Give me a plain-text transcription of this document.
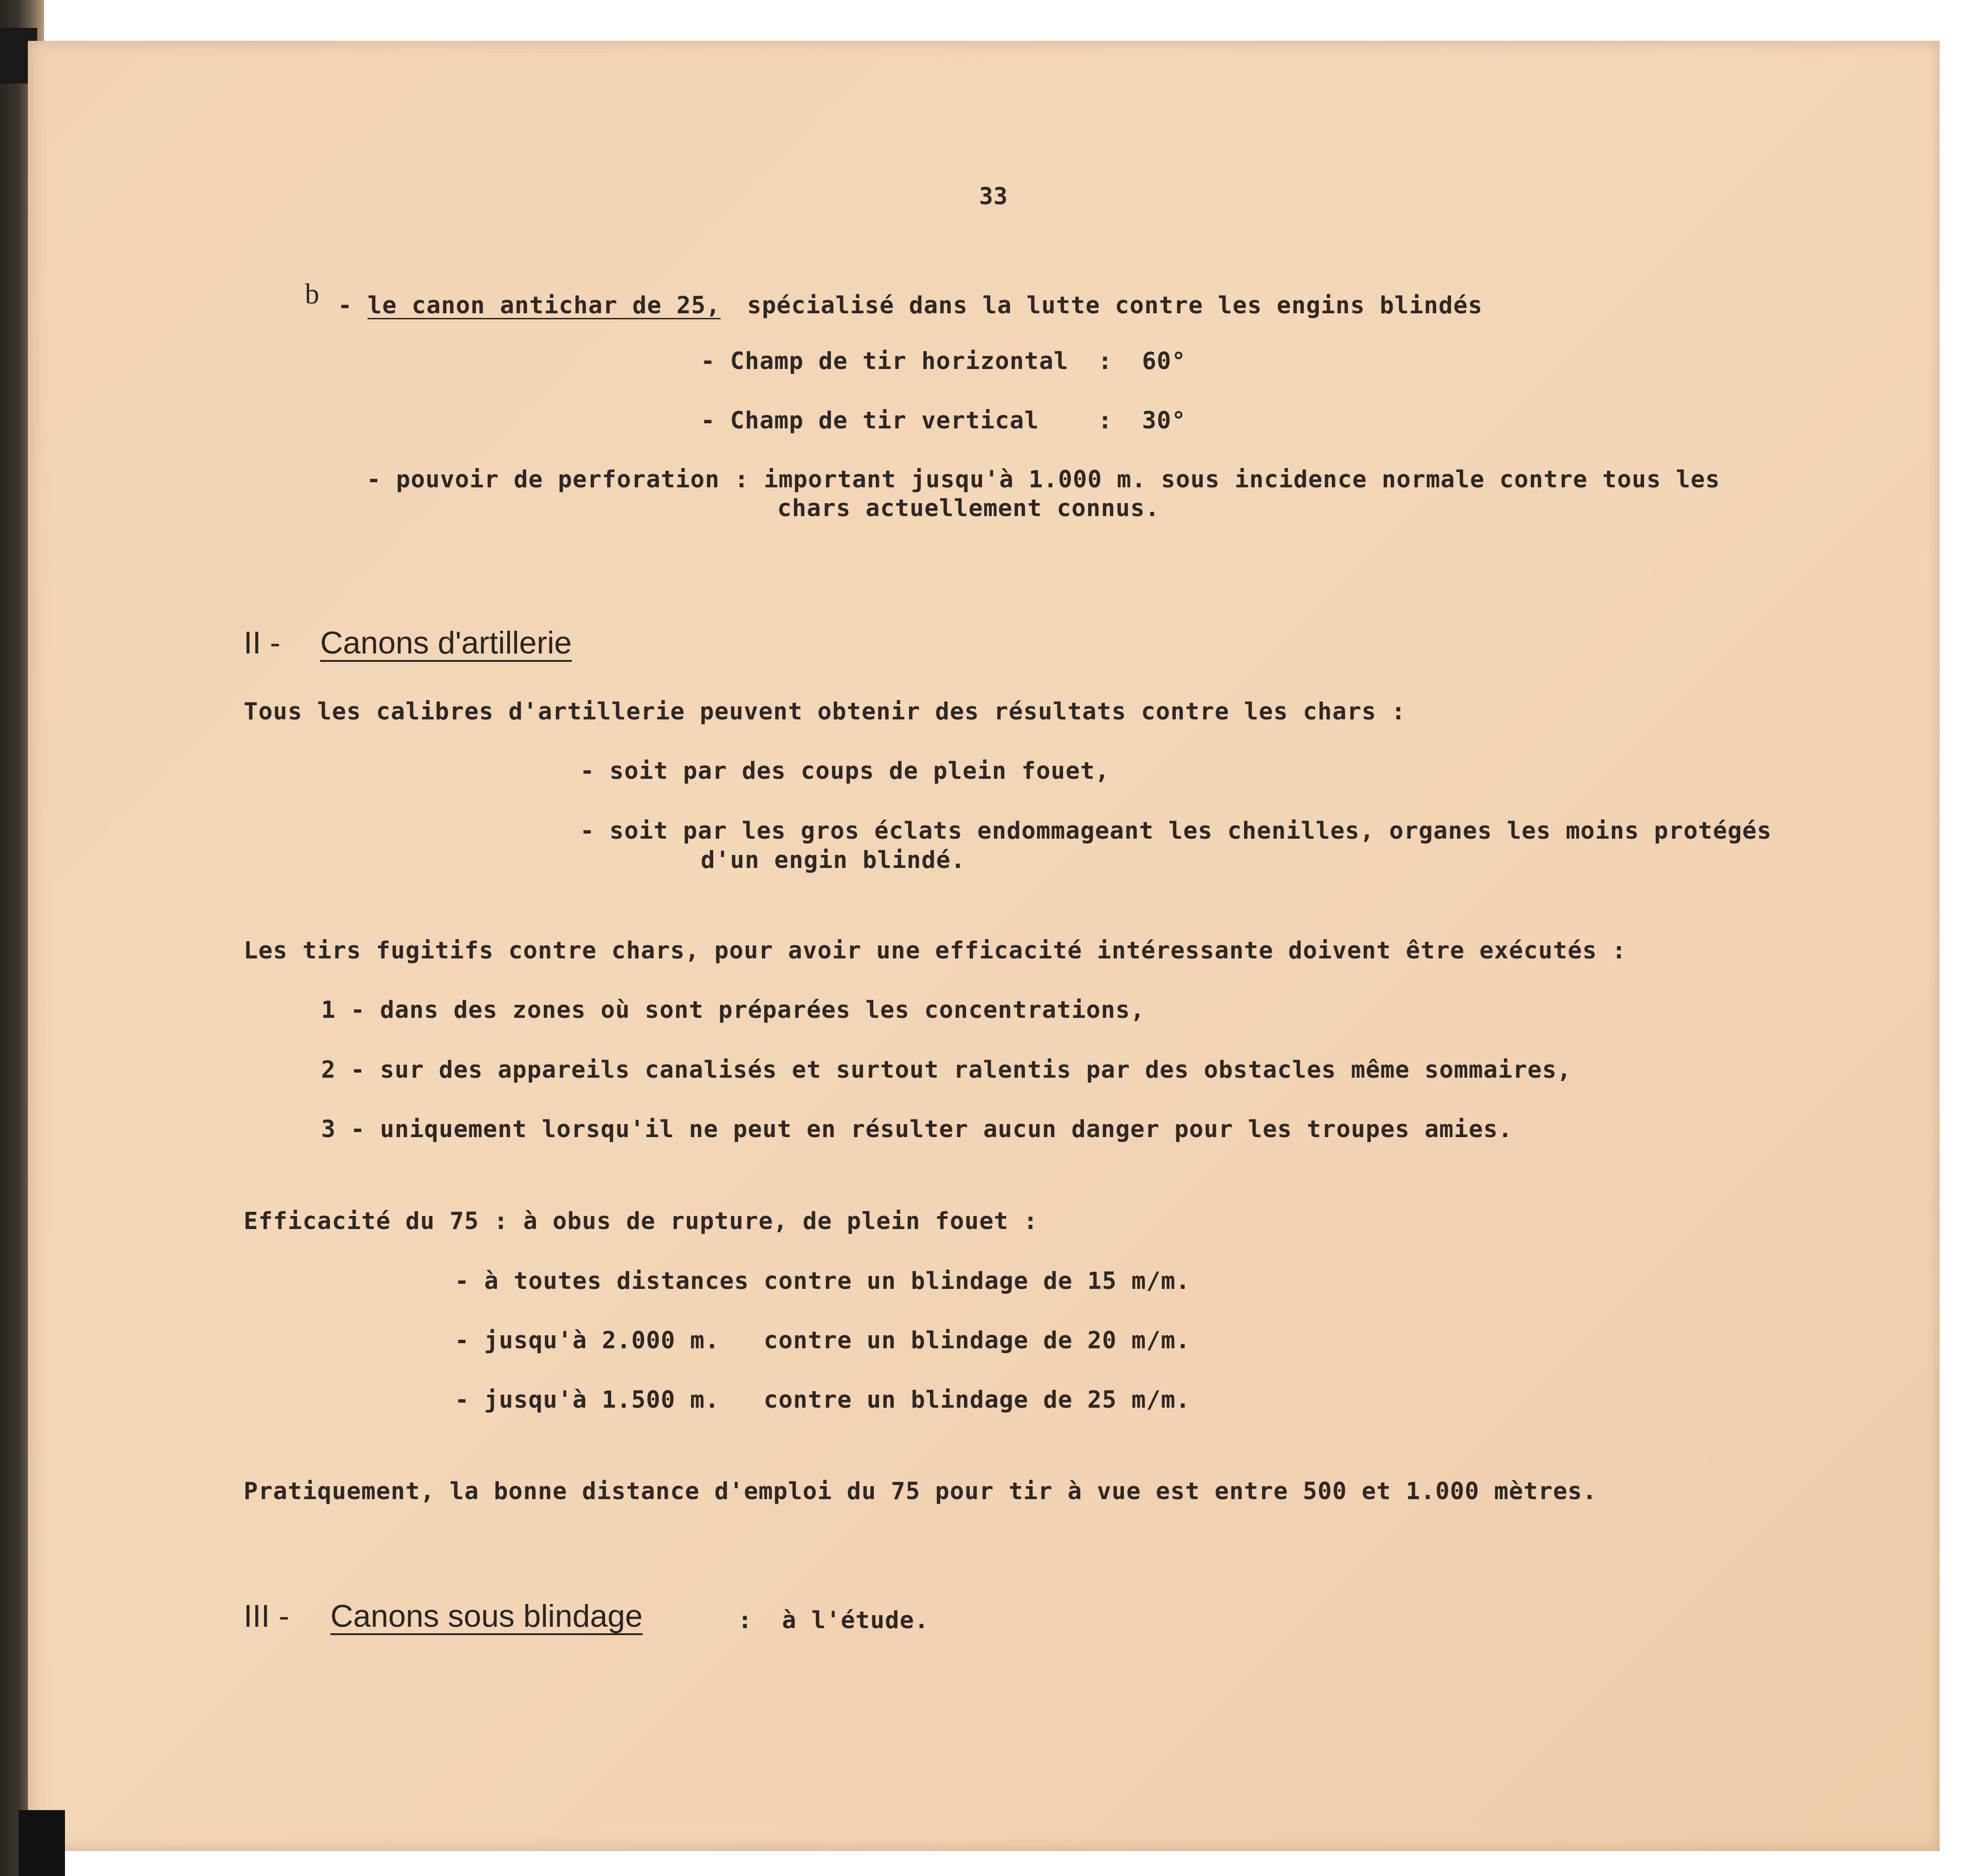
33

b - le canon antichar de 25, spécialisé dans la lutte contre les engins blindés

- Champ de tir horizontal  :  60°

- Champ de tir vertical    :  30°

- pouvoir de perforation : important jusqu'à 1.000 m. sous incidence normale contre tous les

chars actuellement connus.

II - Canons d'artillerie

Tous les calibres d'artillerie peuvent obtenir des résultats contre les chars :

- soit par des coups de plein fouet,

- soit par les gros éclats endommageant les chenilles, organes les moins protégés

d'un engin blindé.

Les tirs fugitifs contre chars, pour avoir une efficacité intéressante doivent être exécutés :

1 - dans des zones où sont préparées les concentrations,

2 - sur des appareils canalisés et surtout ralentis par des obstacles même sommaires,

3 - uniquement lorsqu'il ne peut en résulter aucun danger pour les troupes amies.

Efficacité du 75 : à obus de rupture, de plein fouet :

- à toutes distances contre un blindage de 15 m/m.

- jusqu'à 2.000 m.   contre un blindage de 20 m/m.

- jusqu'à 1.500 m.   contre un blindage de 25 m/m.

Pratiquement, la bonne distance d'emploi du 75 pour tir à vue est entre 500 et 1.000 mètres.

III - Canons sous blindage	:  à l'étude.
